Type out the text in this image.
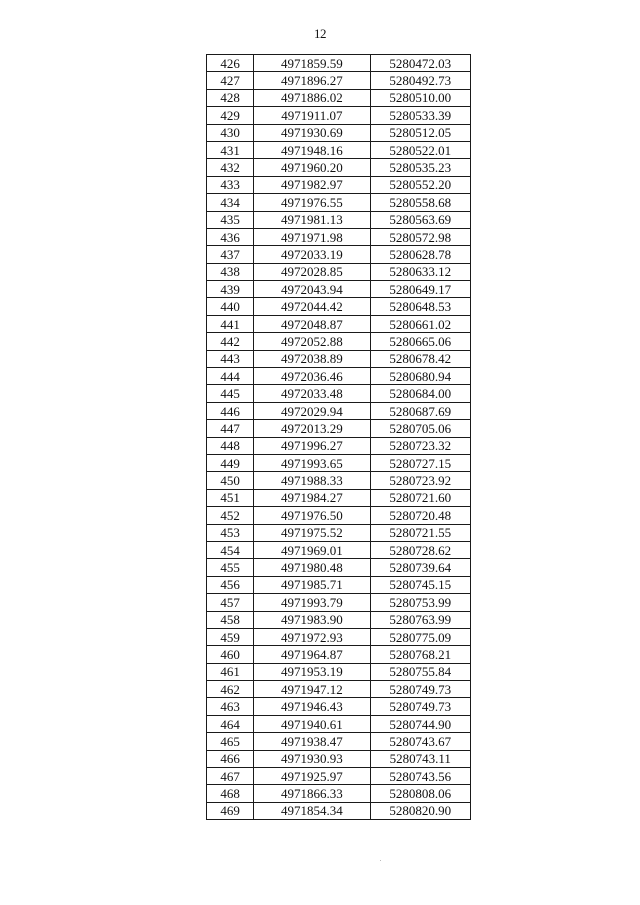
12
426	4971859.59	5280472.03
427	4971896.27	5280492.73
428	4971886.02	5280510.00
429	4971911.07	5280533.39
430	4971930.69	5280512.05
431	4971948.16	5280522.01
432	4971960.20	5280535.23
433	4971982.97	5280552.20
434	4971976.55	5280558.68
435	4971981.13	5280563.69
436	4971971.98	5280572.98
437	4972033.19	5280628.78
438	4972028.85	5280633.12
439	4972043.94	5280649.17
440	4972044.42	5280648.53
441	4972048.87	5280661.02
442	4972052.88	5280665.06
443	4972038.89	5280678.42
444	4972036.46	5280680.94
445	4972033.48	5280684.00
446	4972029.94	5280687.69
447	4972013.29	5280705.06
448	4971996.27	5280723.32
449	4971993.65	5280727.15
450	4971988.33	5280723.92
451	4971984.27	5280721.60
452	4971976.50	5280720.48
453	4971975.52	5280721.55
454	4971969.01	5280728.62
455	4971980.48	5280739.64
456	4971985.71	5280745.15
457	4971993.79	5280753.99
458	4971983.90	5280763.99
459	4971972.93	5280775.09
460	4971964.87	5280768.21
461	4971953.19	5280755.84
462	4971947.12	5280749.73
463	4971946.43	5280749.73
464	4971940.61	5280744.90
465	4971938.47	5280743.67
466	4971930.93	5280743.11
467	4971925.97	5280743.56
468	4971866.33	5280808.06
469	4971854.34	5280820.90
